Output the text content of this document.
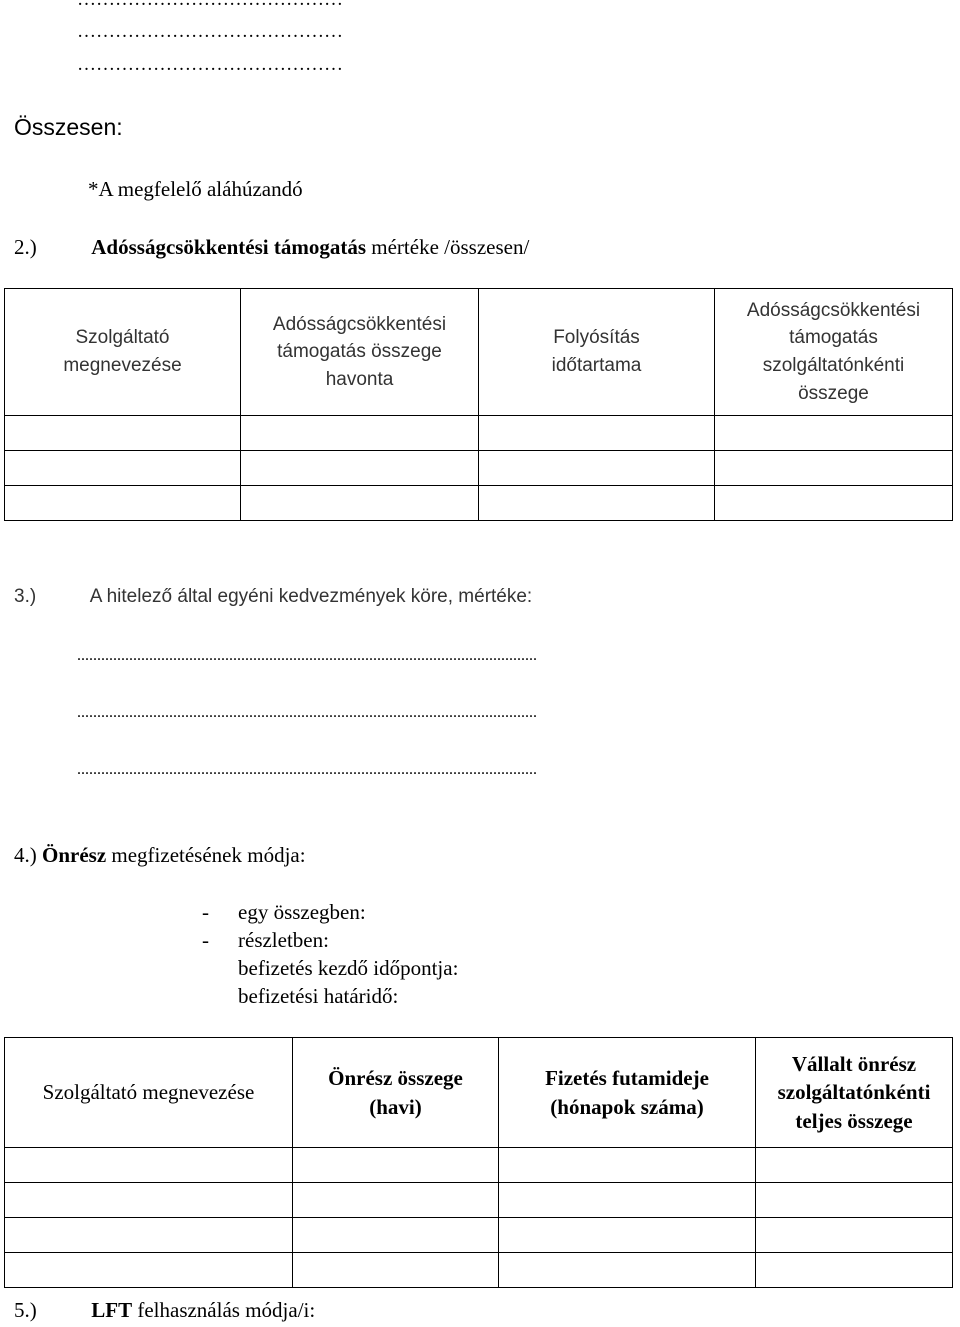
……………………………………
……………………………………
Összesen:
*A megfelelő aláhúzandó
2.)	Adósságcsökkentési támogatás mértéke /összesen/
Szolgáltató megnevezése	Adósságcsökkentési támogatás összege havonta	Folyósítás időtartama	Adósságcsökkentési támogatás szolgáltatónkénti összege

3.)	A hitelező által egyéni kedvezmények köre, mértéke:
...................................................................................................................
...................................................................................................................
...................................................................................................................
4.) Önrész megfizetésének módja:
- egy összegben:
- részletben:
befizetés kezdő időpontja:
befizetési határidő:
Szolgáltató megnevezése	Önrész összege (havi)	Fizetés futamideje (hónapok száma)	Vállalt önrész szolgáltatónkénti teljes összege

5.)	LFT felhasználás módja/i:
